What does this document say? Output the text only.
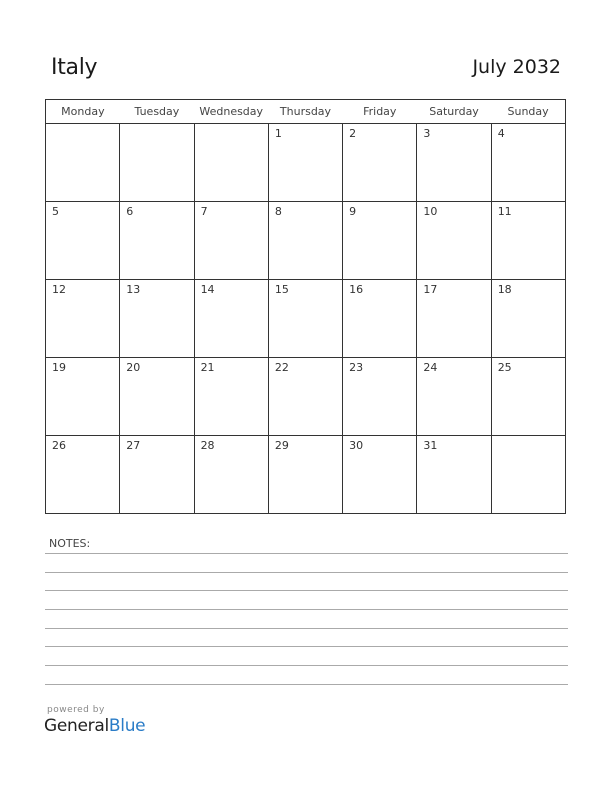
Italy	July 2032
Monday	Tuesday	Wednesday	Thursday	Friday	Saturday	Sunday

			1	2	3	4

5	6	7	8	9	10	11

12	13	14	15	16	17	18

19	20	21	22	23	24	25

26	27	28	29	30	31	

NOTES:
powered by
GeneralBlue
